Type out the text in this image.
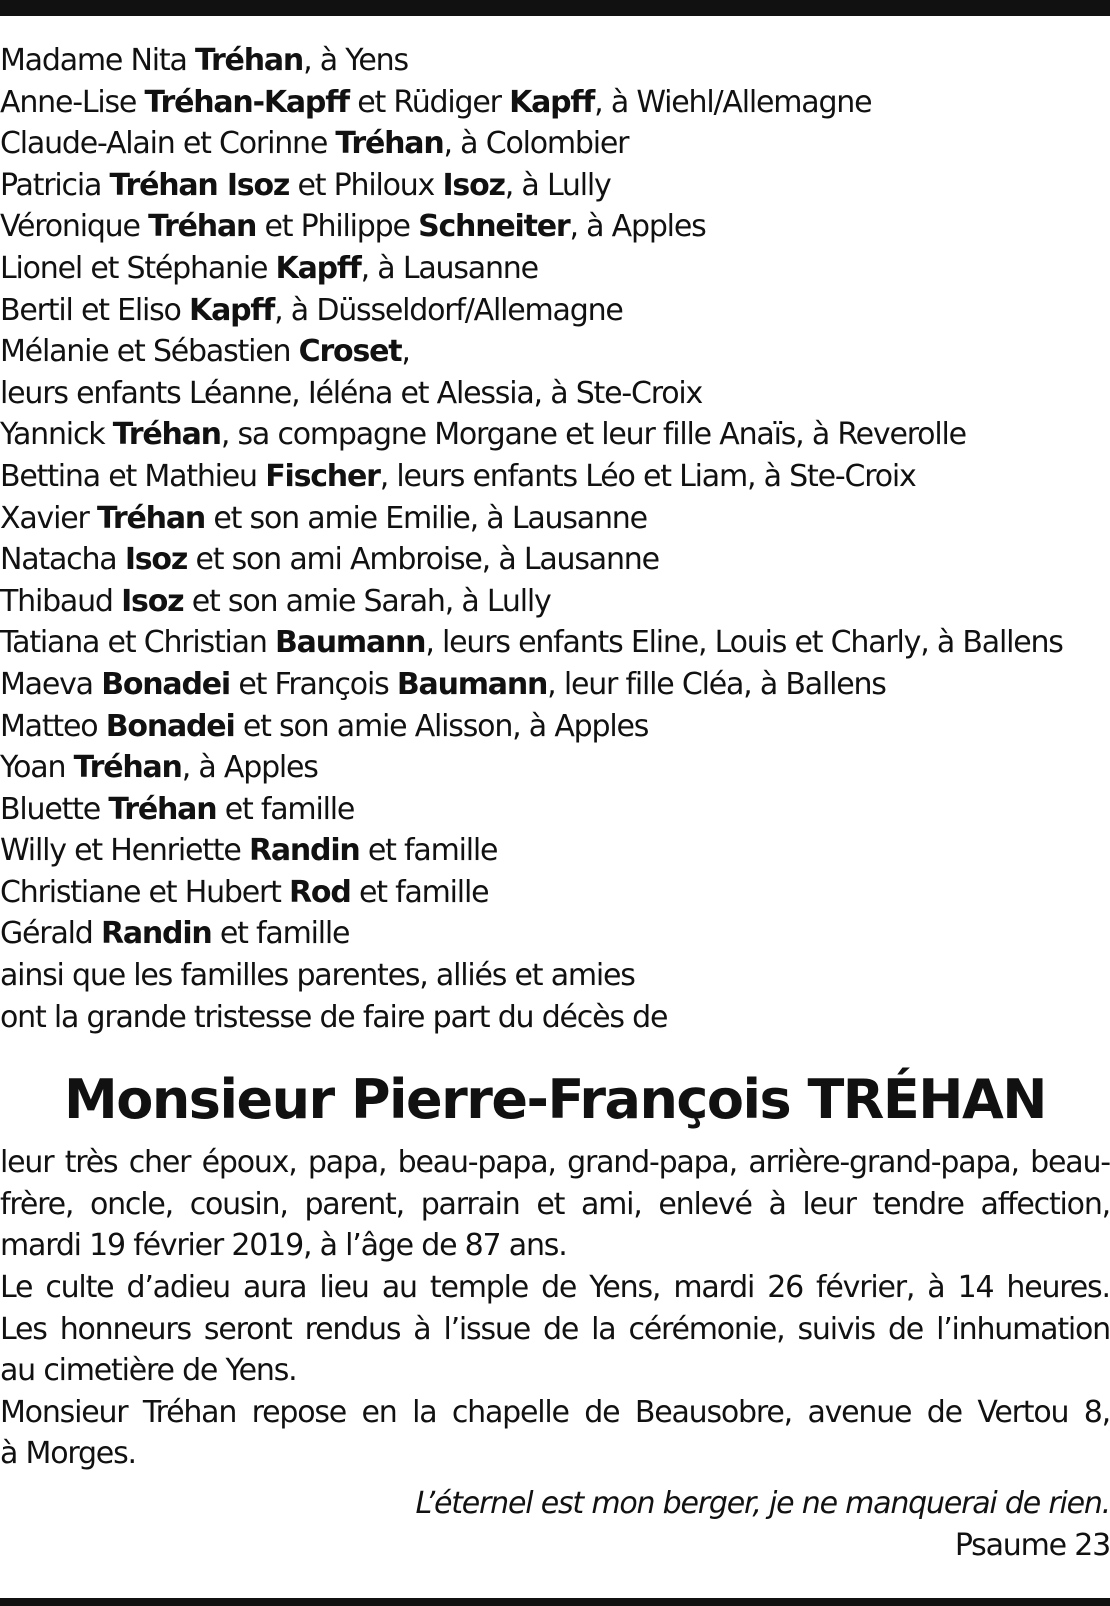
Madame Nita Tréhan, à Yens
Anne-Lise Tréhan-Kapff et Rüdiger Kapff, à Wiehl/Allemagne
Claude-Alain et Corinne Tréhan, à Colombier
Patricia Tréhan Isoz et Philoux Isoz, à Lully
Véronique Tréhan et Philippe Schneiter, à Apples
Lionel et Stéphanie Kapff, à Lausanne
Bertil et Eliso Kapff, à Düsseldorf/Allemagne
Mélanie et Sébastien Croset,
leurs enfants Léanne, Iéléna et Alessia, à Ste-Croix
Yannick Tréhan, sa compagne Morgane et leur fille Anaïs, à Reverolle
Bettina et Mathieu Fischer, leurs enfants Léo et Liam, à Ste-Croix
Xavier Tréhan et son amie Emilie, à Lausanne
Natacha Isoz et son ami Ambroise, à Lausanne
Thibaud Isoz et son amie Sarah, à Lully
Tatiana et Christian Baumann, leurs enfants Eline, Louis et Charly, à Ballens
Maeva Bonadei et François Baumann, leur fille Cléa, à Ballens
Matteo Bonadei et son amie Alisson, à Apples
Yoan Tréhan, à Apples
Bluette Tréhan et famille
Willy et Henriette Randin et famille
Christiane et Hubert Rod et famille
Gérald Randin et famille
ainsi que les familles parentes, alliés et amies
ont la grande tristesse de faire part du décès de
Monsieur Pierre-François TRÉHAN
leur très cher époux, papa, beau-papa, grand-papa, arrière-grand-papa, beau-
frère, oncle, cousin, parent, parrain et ami, enlevé à leur tendre affection,
mardi 19 février 2019, à l’âge de 87 ans.
Le culte d’adieu aura lieu au temple de Yens, mardi 26 février, à 14 heures.
Les honneurs seront rendus à l’issue de la cérémonie, suivis de l’inhumation
au cimetière de Yens.
Monsieur Tréhan repose en la chapelle de Beausobre, avenue de Vertou 8,
à Morges.
L’éternel est mon berger, je ne manquerai de rien.
Psaume 23
